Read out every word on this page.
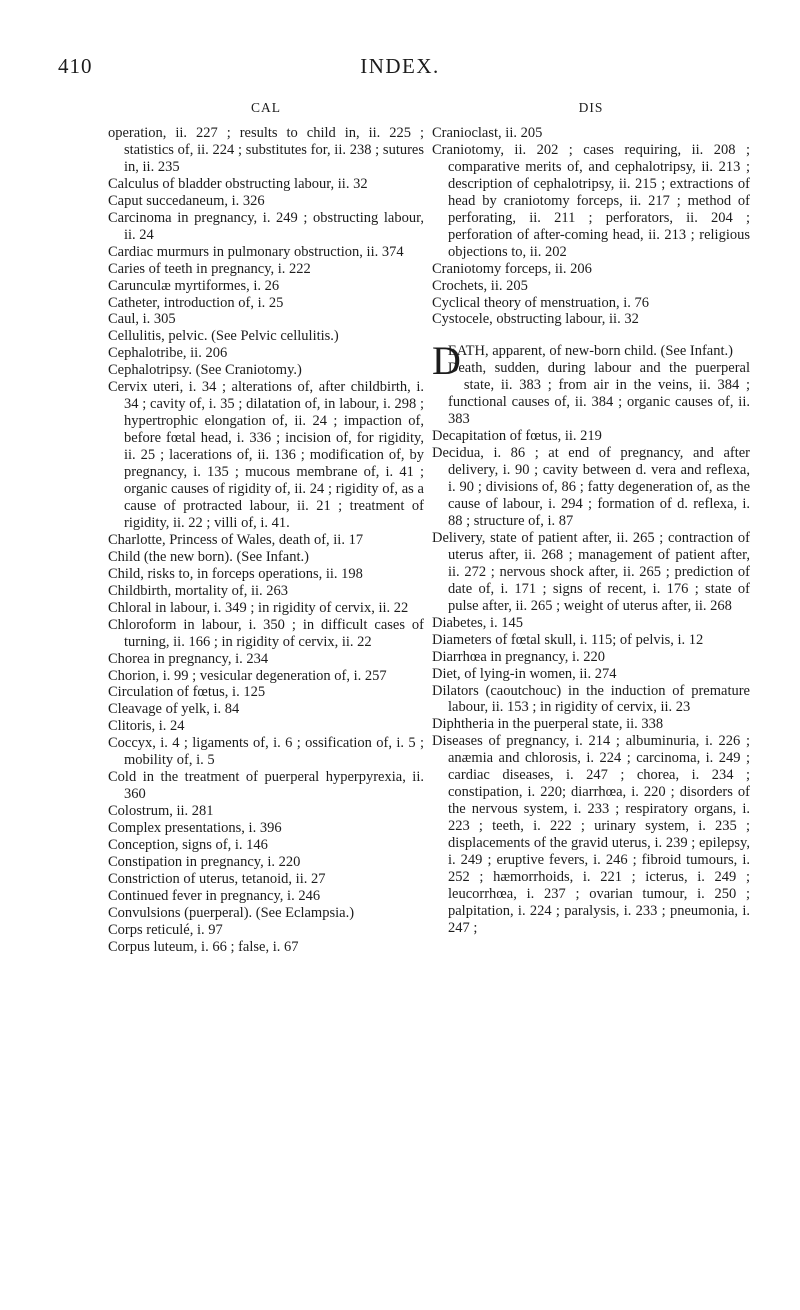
410	INDEX.
CAL
operation, ii. 227 ; results to child in, ii. 225 ; statistics of, ii. 224 ; substitutes for, ii. 238 ; sutures in, ii. 235
Calculus of bladder obstructing labour, ii. 32
Caput succedaneum, i. 326
Carcinoma in pregnancy, i. 249 ; obstructing labour, ii. 24
Cardiac murmurs in pulmonary obstruction, ii. 374
Caries of teeth in pregnancy, i. 222
Carunculæ myrtiformes, i. 26
Catheter, introduction of, i. 25
Caul, i. 305
Cellulitis, pelvic. (See Pelvic cellulitis.)
Cephalotribe, ii. 206
Cephalotripsy. (See Craniotomy.)
Cervix uteri, i. 34 ; alterations of, after childbirth, i. 34 ; cavity of, i. 35 ; dilatation of, in labour, i. 298 ; hypertrophic elongation of, ii. 24 ; impaction of, before fœtal head, i. 336 ; incision of, for rigidity, ii. 25 ; lacerations of, ii. 136 ; modification of, by pregnancy, i. 135 ; mucous membrane of, i. 41 ; organic causes of rigidity of, ii. 24 ; rigidity of, as a cause of protracted labour, ii. 21 ; treatment of rigidity, ii. 22 ; villi of, i. 41.
Charlotte, Princess of Wales, death of, ii. 17
Child (the new born). (See Infant.)
Child, risks to, in forceps operations, ii. 198
Childbirth, mortality of, ii. 263
Chloral in labour, i. 349 ; in rigidity of cervix, ii. 22
Chloroform in labour, i. 350 ; in difficult cases of turning, ii. 166 ; in rigidity of cervix, ii. 22
Chorea in pregnancy, i. 234
Chorion, i. 99 ; vesicular degeneration of, i. 257
Circulation of fœtus, i. 125
Cleavage of yelk, i. 84
Clitoris, i. 24
Coccyx, i. 4 ; ligaments of, i. 6 ; ossification of, i. 5 ; mobility of, i. 5
Cold in the treatment of puerperal hyperpyrexia, ii. 360
Colostrum, ii. 281
Complex presentations, i. 396
Conception, signs of, i. 146
Constipation in pregnancy, i. 220
Constriction of uterus, tetanoid, ii. 27
Continued fever in pregnancy, i. 246
Convulsions (puerperal). (See Eclampsia.)
Corps reticulé, i. 97
Corpus luteum, i. 66 ; false, i. 67
DIS
Cranioclast, ii. 205
Craniotomy, ii. 202 ; cases requiring, ii. 208 ; comparative merits of, and cephalotripsy, ii. 213 ; description of cephalotripsy, ii. 215 ; extractions of head by craniotomy forceps, ii. 217 ; method of perforating, ii. 211 ; perforators, ii. 204 ; perforation of after-coming head, ii. 213 ; religious objections to, ii. 202
Craniotomy forceps, ii. 206
Crochets, ii. 205
Cyclical theory of menstruation, i. 76
Cystocele, obstructing labour, ii. 32
D
EATH, apparent, of new-born child. (See Infant.)
Death, sudden, during labour and the puerperal state, ii. 383 ; from air in the veins, ii. 384 ; functional causes of, ii. 384 ; organic causes of, ii. 383
Decapitation of fœtus, ii. 219
Decidua, i. 86 ; at end of pregnancy, and after delivery, i. 90 ; cavity between d. vera and reflexa, i. 90 ; divisions of, 86 ; fatty degeneration of, as the cause of labour, i. 294 ; formation of d. reflexa, i. 88 ; structure of, i. 87
Delivery, state of patient after, ii. 265 ; contraction of uterus after, ii. 268 ; management of patient after, ii. 272 ; nervous shock after, ii. 265 ; prediction of date of, i. 171 ; signs of recent, i. 176 ; state of pulse after, ii. 265 ; weight of uterus after, ii. 268
Diabetes, i. 145
Diameters of fœtal skull, i. 115; of pelvis, i. 12
Diarrhœa in pregnancy, i. 220
Diet, of lying-in women, ii. 274
Dilators (caoutchouc) in the induction of premature labour, ii. 153 ; in rigidity of cervix, ii. 23
Diphtheria in the puerperal state, ii. 338
Diseases of pregnancy, i. 214 ; albuminuria, i. 226 ; anæmia and chlorosis, i. 224 ; carcinoma, i. 249 ; cardiac diseases, i. 247 ; chorea, i. 234 ; constipation, i. 220; diarrhœa, i. 220 ; disorders of the nervous system, i. 233 ; respiratory organs, i. 223 ; teeth, i. 222 ; urinary system, i. 235 ; displacements of the gravid uterus, i. 239 ; epilepsy, i. 249 ; eruptive fevers, i. 246 ; fibroid tumours, i. 252 ; hæmorrhoids, i. 221 ; icterus, i. 249 ; leucorrhœa, i. 237 ; ovarian tumour, i. 250 ; palpitation, i. 224 ; paralysis, i. 233 ; pneumonia, i. 247 ;
